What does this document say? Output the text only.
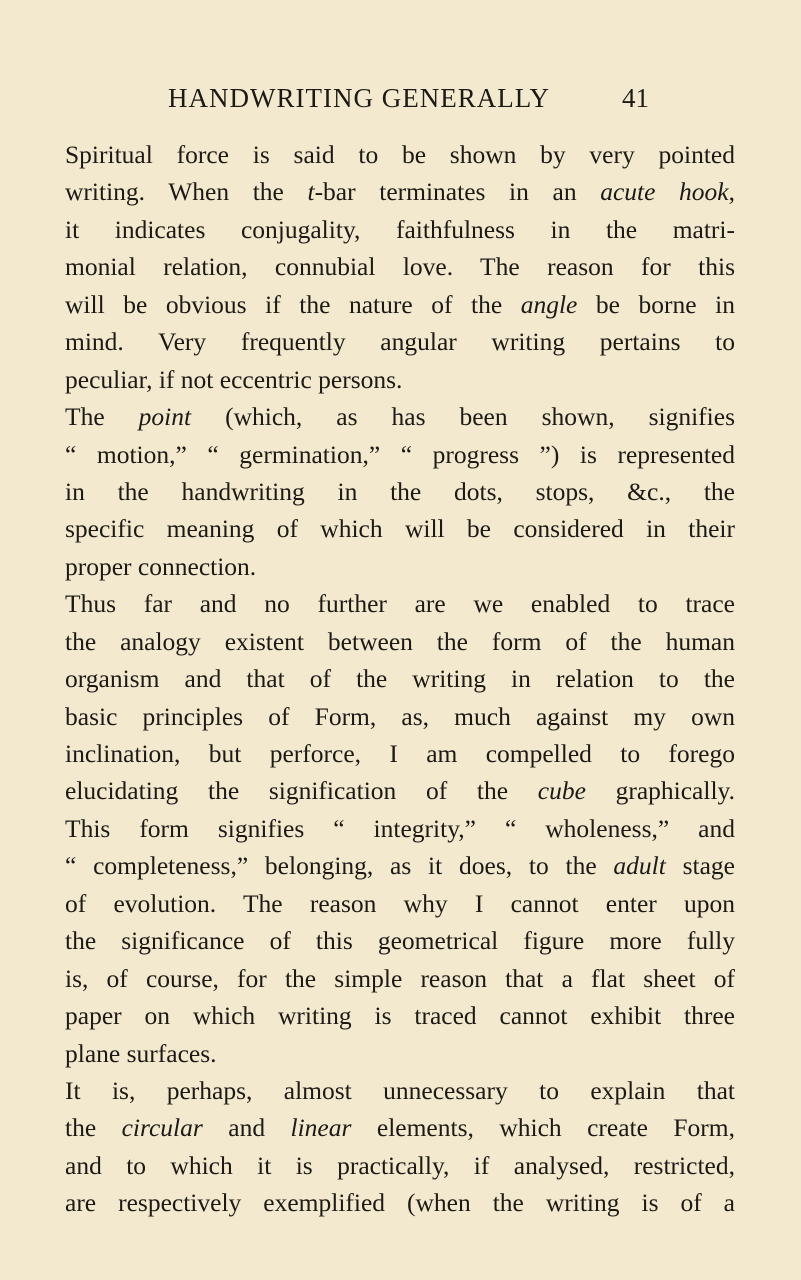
HANDWRITING GENERALLY	41
Spiritual force is said to be shown by very pointed
writing. When the t-bar terminates in an acute hook,
it indicates conjugality, faithfulness in the matri-
monial relation, connubial love. The reason for this
will be obvious if the nature of the angle be borne in
mind. Very frequently angular writing pertains to
peculiar, if not eccentric persons.
The point (which, as has been shown, signifies
“ motion,” “ germination,” “ progress ”) is represented
in the handwriting in the dots, stops, &c., the
specific meaning of which will be considered in their
proper connection.
Thus far and no further are we enabled to trace
the analogy existent between the form of the human
organism and that of the writing in relation to the
basic principles of Form, as, much against my own
inclination, but perforce, I am compelled to forego
elucidating the signification of the cube graphically.
This form signifies “ integrity,” “ wholeness,” and
“ completeness,” belonging, as it does, to the adult stage
of evolution. The reason why I cannot enter upon
the significance of this geometrical figure more fully
is, of course, for the simple reason that a flat sheet of
paper on which writing is traced cannot exhibit three
plane surfaces.
It is, perhaps, almost unnecessary to explain that
the circular and linear elements, which create Form,
and to which it is practically, if analysed, restricted,
are respectively exemplified (when the writing is of a
